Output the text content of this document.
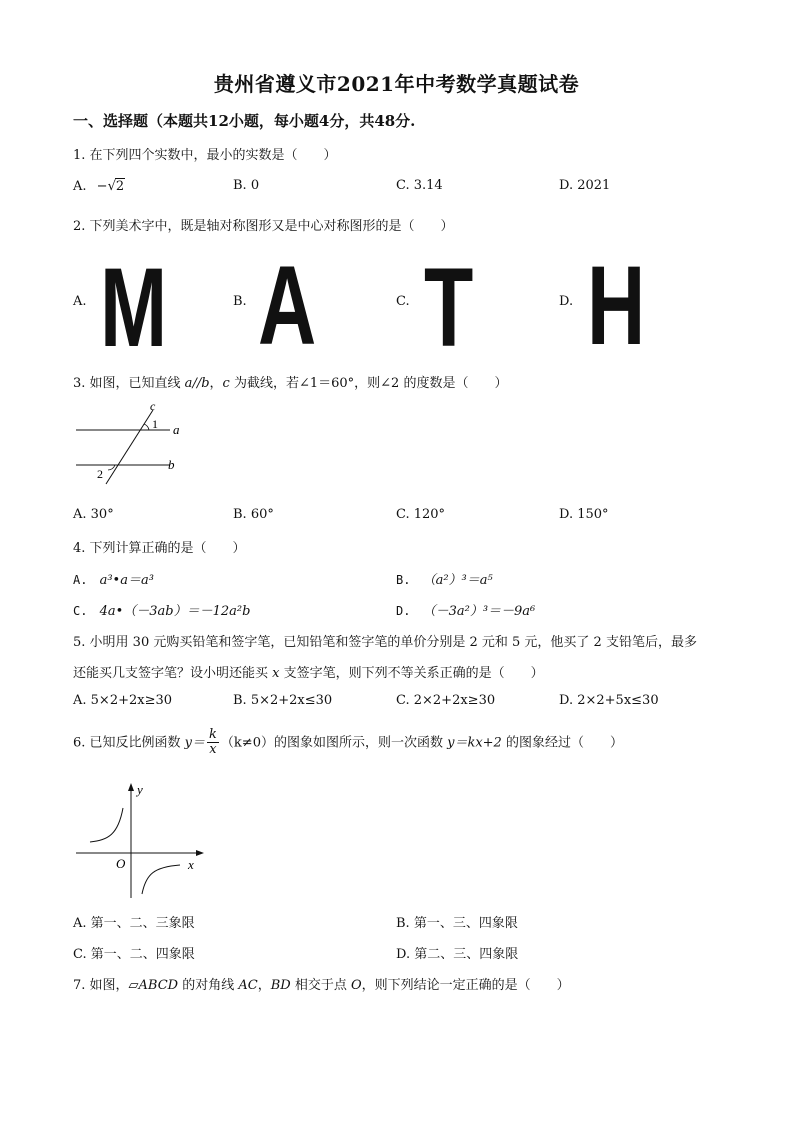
贵州省遵义市2021年中考数学真题试卷
一、选择题（本题共12小题，每小题4分，共48分.
1. 在下列四个实数中，最小的实数是（　　）
A. −√2	B. 0	C. 3.14	D. 2021
2. 下列美术字中，既是轴对称图形又是中心对称图形的是（　　）
A. M	B. A	C. T	D. H
3. 如图，已知直线 a//b，c 为截线，若∠1＝60°，则∠2 的度数是（　　）
c
1 a
b
2
A. 30°	B. 60°	C. 120°	D. 150°
4. 下列计算正确的是（　　）
A. a³•a＝a³	B. （a²）³＝a⁵
C. 4a•（－3ab）＝－12a²b	D. （－3a²）³＝－9a⁶
5. 小明用 30 元购买铅笔和签字笔，已知铅笔和签字笔的单价分别是 2 元和 5 元，他买了 2 支铅笔后，最多
还能买几支签字笔？设小明还能买 x 支签字笔，则下列不等关系正确的是（　　）
A. 5×2+2x≥30	B. 5×2+2x≤30	C. 2×2+2x≥30	D. 2×2+5x≤30
6. 已知反比例函数 $y= \frac{k}{x} (k\ne 0)$的图象如图所示，则一次函数 y＝kx+2 的图象经过（　　）
y
x
O
A. 第一、二、三象限	B. 第一、三、四象限
C. 第一、二、四象限	D. 第二、三、四象限
7. 如图，▱ABCD 的对角线 AC，BD 相交于点 O，则下列结论一定正确的是（　　）
